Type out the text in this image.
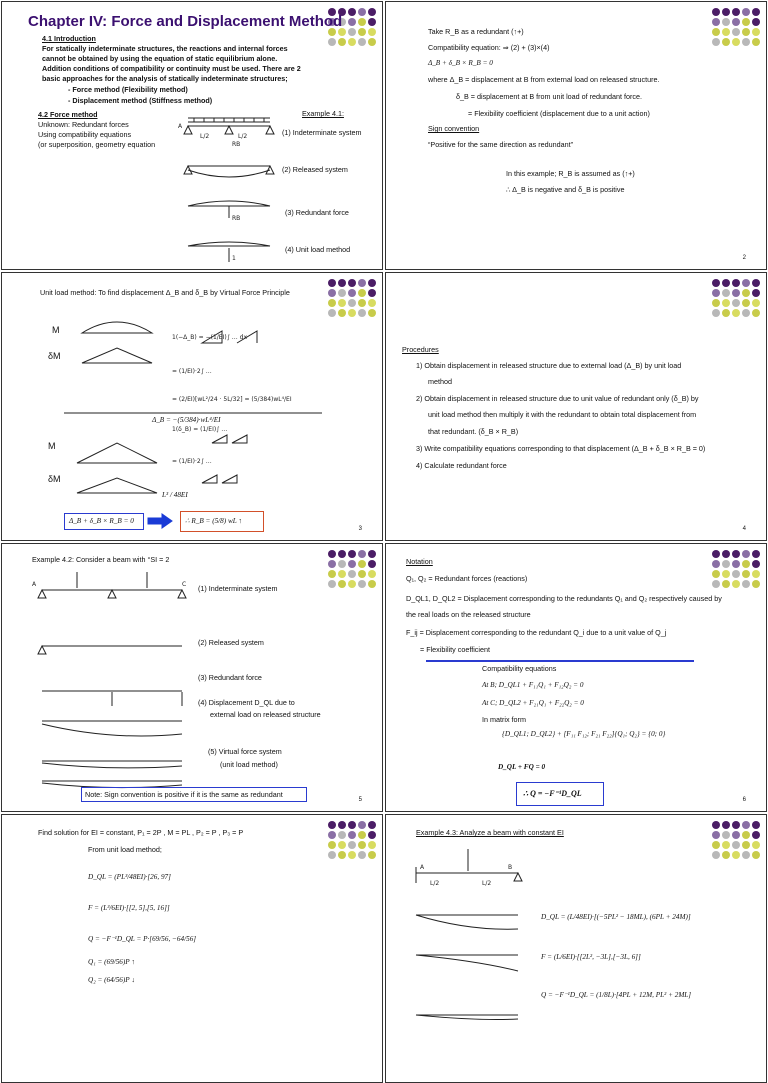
Chapter IV: Force and Displacement Method
4.1 Introduction
For statically indeterminate structures, the reactions and internal forces
cannot be obtained by using the equation of static equilibrium alone.
Addition conditions of compatibility or continuity must be used. There are 2
basic approaches for the analysis of statically indeterminate structures;
- Force method (Flexibility method)
- Displacement method (Stiffness method)
4.2 Force method
Unknown: Redundant forces
Using compatibility equations
(or superposition, geometry equation
Example 4.1:
(1) Indeterminate system
(2) Released system
(3) Redundant force
(4) Unit load method
A
L/2	L/2
RB
RB
1
Take R_B as a redundant (↑+)
Compatibility equation: ⇒ (2) + (3)×(4)
Δ_B + δ_B × R_B = 0
where Δ_B = displacement at B from external load on released structure.
δ_B = displacement at B from unit load of redundant force.
= Flexibility coefficient (displacement due to a unit action)
Sign convention
“Positive for the same direction as redundant”
In this example; R_B is assumed as (↑+)
∴ Δ_B is negative and δ_B is positive
2
Unit load method: To find displacement Δ_B and δ_B by Virtual Force Principle
M
δM
M
δM
1(−Δ_B) = −(1/EI)∫ … dx
= (1/EI)·2∫ …
= (2/EI)[wL²/24 · 5L/32] = (5/384)wL⁴/EI
1(δ_B) = (1/EI)∫ …
= (1/EI)·2∫ …
Δ_B = −(5/384)·wL⁴/EI
L³ / 48EI
Δ_B + δ_B × R_B = 0	∴ R_B = (5/8) wL ↑
3
Procedures
1) Obtain displacement in released structure due to external load (Δ_B) by unit load
method
2) Obtain displacement in released structure due to unit value of redundant only (δ_B) by
unit load method then multiply it with the redundant to obtain total displacement from
that redundant. (δ_B × R_B)
3) Write compatibility equations corresponding to that displacement (Δ_B + δ_B × R_B = 0)
4) Calculate redundant force
4
Example 4.2: Consider a beam with °SI = 2
(1) Indeterminate system
(2) Released system
(3) Redundant force
(4) Displacement D_QL due to
external load on released structure
(5) Virtual force system
(unit load method)
A	C
Note: Sign convention is positive if it is the same as redundant
5
Notation
Q₁, Q₂ = Redundant forces (reactions)
D_QL1, D_QL2 = Displacement corresponding to the redundants Q₁ and Q₂ respectively caused by
the real loads on the released structure
F_ij = Displacement corresponding to the redundant Q_i due to a unit value of Q_j
= Flexibility coefficient
Compatibility equations
At B; D_QL1 + F₁₁Q₁ + F₁₂Q₂ = 0
At C; D_QL2 + F₂₁Q₁ + F₂₂Q₂ = 0
In matrix form
{D_QL1; D_QL2} + [F₁₁ F₁₂; F₂₁ F₂₂]{Q₁; Q₂} = {0; 0}
D_QL + FQ = 0
∴ Q = −F⁻¹D_QL
6
Find solution for EI = constant, P₁ = 2P , M = PL , P₂ = P , P₃ = P
From unit load method;
D_QL = (PL³/48EI)·[26, 97]
F = (L³/6EI)·[[2, 5],[5, 16]]
Q = −F⁻¹D_QL = P·[69/56, −64/56]
Q₁ = (69/56)P ↑
Q₂ = (64/56)P ↓
Example 4.3: Analyze a beam with constant EI
A	B
L/2	L/2
D_QL = (L/48EI)·[(−5PL² − 18ML), (6PL + 24M)]
F = (L/6EI)·[[2L², −3L],[−3L, 6]]
Q = −F⁻¹D_QL = (1/8L)·[4PL + 12M, PL² + 2ML]
